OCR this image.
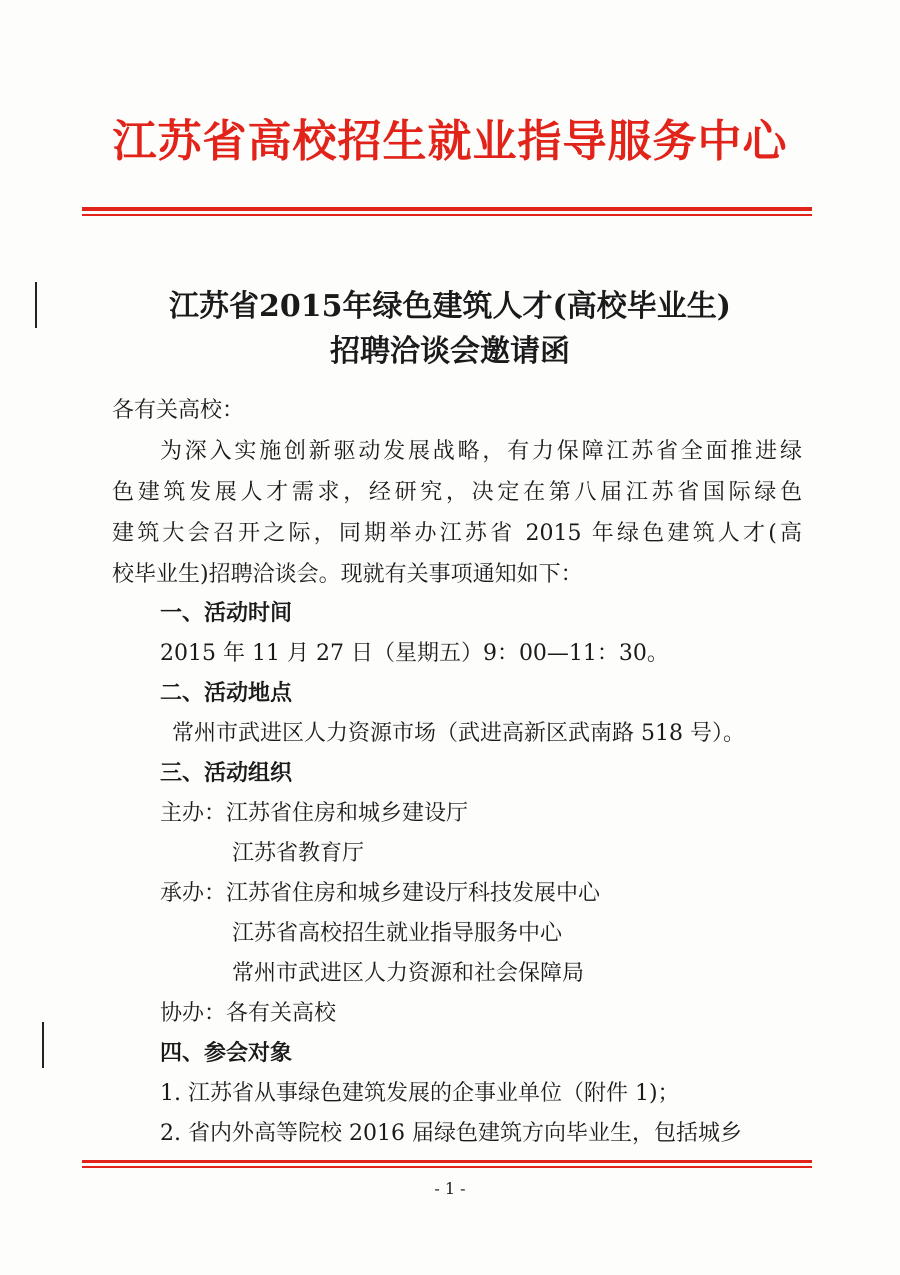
江苏省高校招生就业指导服务中心
江苏省2015年绿色建筑人才(高校毕业生)
招聘洽谈会邀请函
各有关高校：
为深入实施创新驱动发展战略，有力保障江苏省全面推进绿
色建筑发展人才需求，经研究，决定在第八届江苏省国际绿色
建筑大会召开之际，同期举办江苏省 2015 年绿色建筑人才(高
校毕业生)招聘洽谈会。现就有关事项通知如下：
一、活动时间
2015 年 11 月 27 日（星期五）9：00—11：30。
二、活动地点
常州市武进区人力资源市场（武进高新区武南路 518 号）。
三、活动组织
主办：江苏省住房和城乡建设厅
江苏省教育厅
承办：江苏省住房和城乡建设厅科技发展中心
江苏省高校招生就业指导服务中心
常州市武进区人力资源和社会保障局
协办：各有关高校
四、参会对象
1. 江苏省从事绿色建筑发展的企事业单位（附件 1)；
2. 省内外高等院校 2016 届绿色建筑方向毕业生，包括城乡
- 1 -
